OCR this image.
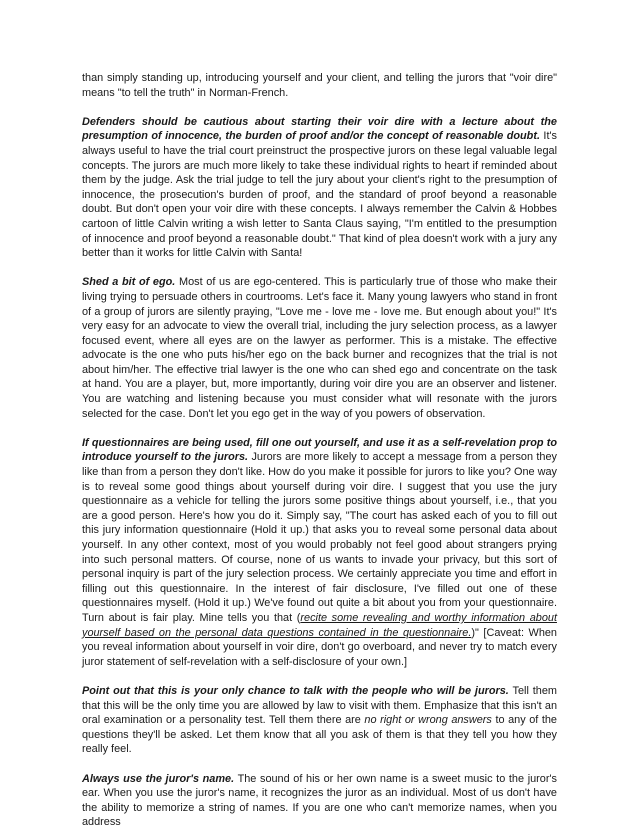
than simply standing up, introducing yourself and your client, and telling the jurors that "voir dire" means "to tell the truth" in Norman-French.

Defenders should be cautious about starting their voir dire with a lecture about the presumption of innocence, the burden of proof and/or the concept of reasonable doubt. It's always useful to have the trial court preinstruct the prospective jurors on these legal valuable legal concepts. The jurors are much more likely to take these individual rights to heart if reminded about them by the judge. Ask the trial judge to tell the jury about your client's right to the presumption of innocence, the prosecution's burden of proof, and the standard of proof beyond a reasonable doubt. But don't open your voir dire with these concepts. I always remember the Calvin & Hobbes cartoon of little Calvin writing a wish letter to Santa Claus saying, "I'm entitled to the presumption of innocence and proof beyond a reasonable doubt." That kind of plea doesn't work with a jury any better than it works for little Calvin with Santa!

Shed a bit of ego. Most of us are ego-centered. This is particularly true of those who make their living trying to persuade others in courtrooms. Let's face it. Many young lawyers who stand in front of a group of jurors are silently praying, "Love me - love me - love me. But enough about you!" It's very easy for an advocate to view the overall trial, including the jury selection process, as a lawyer focused event, where all eyes are on the lawyer as performer. This is a mistake. The effective advocate is the one who puts his/her ego on the back burner and recognizes that the trial is not about him/her. The effective trial lawyer is the one who can shed ego and concentrate on the task at hand. You are a player, but, more importantly, during voir dire you are an observer and listener. You are watching and listening because you must consider what will resonate with the jurors selected for the case. Don't let you ego get in the way of you powers of observation.

If questionnaires are being used, fill one out yourself, and use it as a self-revelation prop to introduce yourself to the jurors. Jurors are more likely to accept a message from a person they like than from a person they don't like. How do you make it possible for jurors to like you? One way is to reveal some good things about yourself during voir dire. I suggest that you use the jury questionnaire as a vehicle for telling the jurors some positive things about yourself, i.e., that you are a good person. Here's how you do it. Simply say, "The court has asked each of you to fill out this jury information questionnaire (Hold it up.) that asks you to reveal some personal data about yourself. In any other context, most of you would probably not feel good about strangers prying into such personal matters. Of course, none of us wants to invade your privacy, but this sort of personal inquiry is part of the jury selection process. We certainly appreciate you time and effort in filling out this questionnaire. In the interest of fair disclosure, I've filled out one of these questionnaires myself. (Hold it up.) We've found out quite a bit about you from your questionnaire. Turn about is fair play. Mine tells you that (recite some revealing and worthy information about yourself based on the personal data questions contained in the questionnaire.)" [Caveat: When you reveal information about yourself in voir dire, don't go overboard, and never try to match every juror statement of self-revelation with a self-disclosure of your own.]

Point out that this is your only chance to talk with the people who will be jurors. Tell them that this will be the only time you are allowed by law to visit with them. Emphasize that this isn't an oral examination or a personality test. Tell them there are no right or wrong answers to any of the questions they'll be asked. Let them know that all you ask of them is that they tell you how they really feel.

Always use the juror's name. The sound of his or her own name is a sweet music to the juror's ear. When you use the juror's name, it recognizes the juror as an individual. Most of us don't have the ability to memorize a string of names. If you are one who can't memorize names, when you address
